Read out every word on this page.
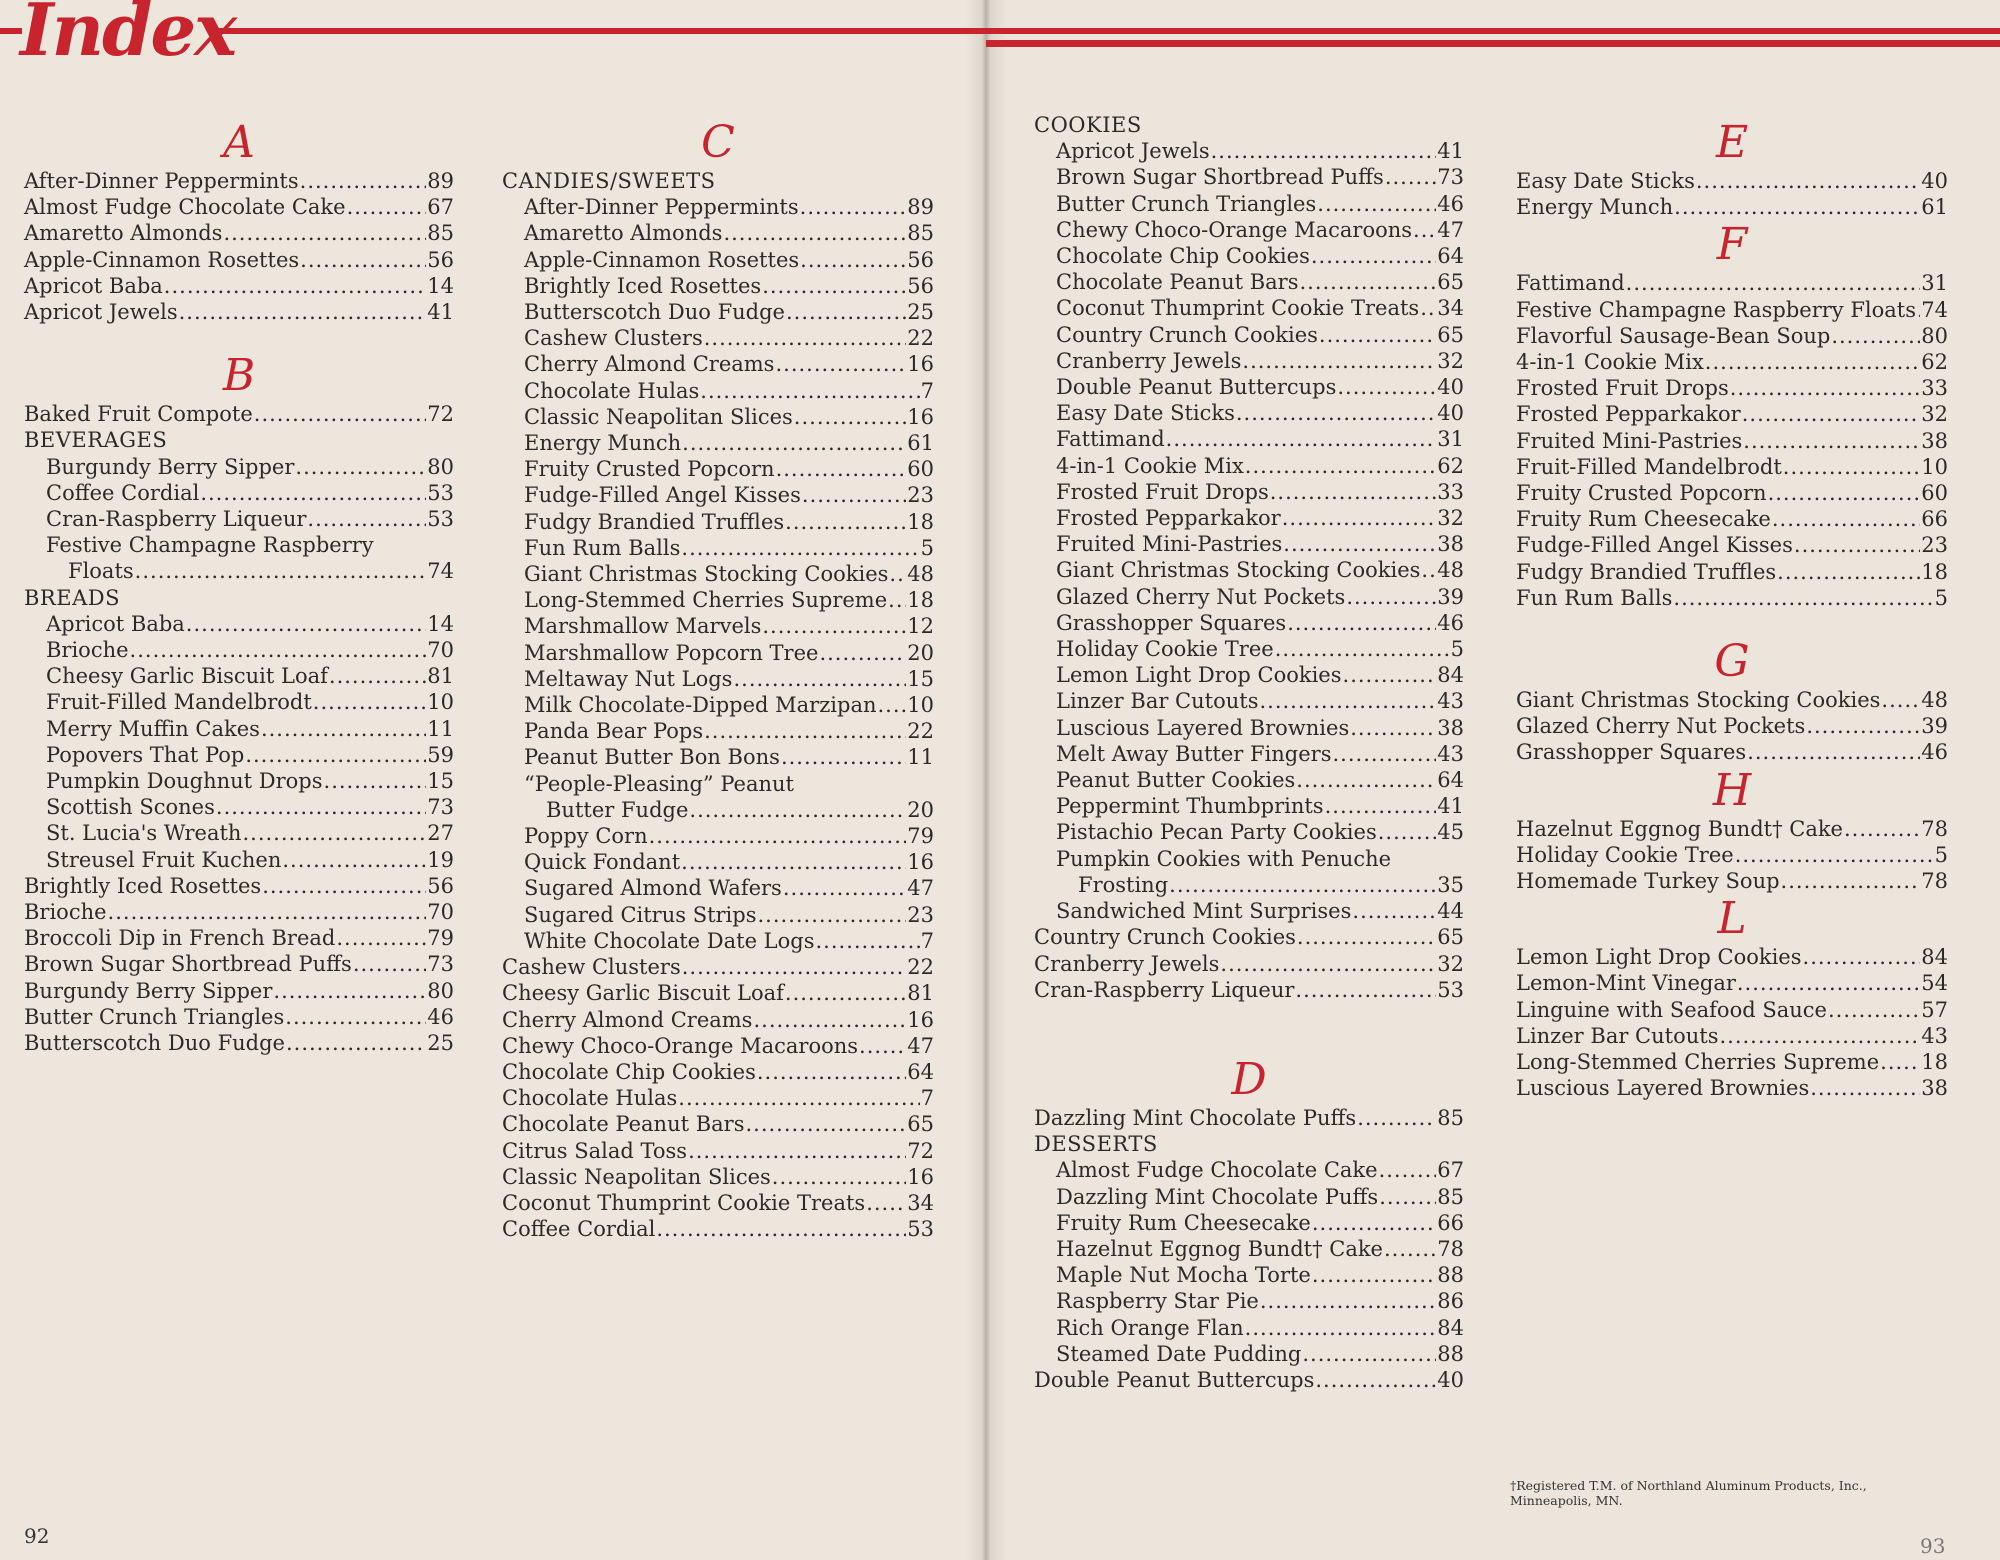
Index
A
After-Dinner Peppermints .....	89
Almost Fudge Chocolate Cake .....	67
Amaretto Almonds .....	85
Apple-Cinnamon Rosettes .....	56
Apricot Baba .....	14
Apricot Jewels .....	41
B
Baked Fruit Compote .....	72
BEVERAGES
Burgundy Berry Sipper .....	80
Coffee Cordial .....	53
Cran-Raspberry Liqueur .....	53
Festive Champagne Raspberry
Floats .....	74
BREADS
Apricot Baba .....	14
Brioche .....	70
Cheesy Garlic Biscuit Loaf .....	81
Fruit-Filled Mandelbrodt .....	10
Merry Muffin Cakes .....	11
Popovers That Pop .....	59
Pumpkin Doughnut Drops .....	15
Scottish Scones .....	73
St. Lucia's Wreath .....	27
Streusel Fruit Kuchen .....	19
Brightly Iced Rosettes .....	56
Brioche .....	70
Broccoli Dip in French Bread .....	79
Brown Sugar Shortbread Puffs .....	73
Burgundy Berry Sipper .....	80
Butter Crunch Triangles .....	46
Butterscotch Duo Fudge .....	25
C
CANDIES/SWEETS
After-Dinner Peppermints .....	89
Amaretto Almonds .....	85
Apple-Cinnamon Rosettes .....	56
Brightly Iced Rosettes .....	56
Butterscotch Duo Fudge .....	25
Cashew Clusters .....	22
Cherry Almond Creams .....	16
Chocolate Hulas .....	7
Classic Neapolitan Slices .....	16
Energy Munch .....	61
Fruity Crusted Popcorn .....	60
Fudge-Filled Angel Kisses .....	23
Fudgy Brandied Truffles .....	18
Fun Rum Balls .....	5
Giant Christmas Stocking Cookies ..... 48
Long-Stemmed Cherries Supreme ..... 18
Marshmallow Marvels .....	12
Marshmallow Popcorn Tree .....	20
Meltaway Nut Logs .....	15
Milk Chocolate-Dipped Marzipan ..... 10
Panda Bear Pops .....	22
Peanut Butter Bon Bons .....	11
“People-Pleasing” Peanut
Butter Fudge .....	20
Poppy Corn .....	79
Quick Fondant .....	16
Sugared Almond Wafers .....	47
Sugared Citrus Strips .....	23
White Chocolate Date Logs .....	7
Cashew Clusters .....	22
Cheesy Garlic Biscuit Loaf .....	81
Cherry Almond Creams .....	16
Chewy Choco-Orange Macaroons ..... 47
Chocolate Chip Cookies .....	64
Chocolate Hulas .....	7
Chocolate Peanut Bars .....	65
Citrus Salad Toss .....	72
Classic Neapolitan Slices .....	16
Coconut Thumprint Cookie Treats ..... 34
Coffee Cordial .....	53
COOKIES
Apricot Jewels .....	41
Brown Sugar Shortbread Puffs .....	73
Butter Crunch Triangles .....	46
Chewy Choco-Orange Macaroons ..... 47
Chocolate Chip Cookies .....	64
Chocolate Peanut Bars .....	65
Coconut Thumprint Cookie Treats ..... 34
Country Crunch Cookies .....	65
Cranberry Jewels .....	32
Double Peanut Buttercups .....	40
Easy Date Sticks .....	40
Fattimand .....	31
4-in-1 Cookie Mix .....	62
Frosted Fruit Drops .....	33
Frosted Pepparkakor .....	32
Fruited Mini-Pastries .....	38
Giant Christmas Stocking Cookies ..... 48
Glazed Cherry Nut Pockets .....	39
Grasshopper Squares .....	46
Holiday Cookie Tree .....	5
Lemon Light Drop Cookies .....	84
Linzer Bar Cutouts .....	43
Luscious Layered Brownies .....	38
Melt Away Butter Fingers .....	43
Peanut Butter Cookies .....	64
Peppermint Thumbprints .....	41
Pistachio Pecan Party Cookies .....	45
Pumpkin Cookies with Penuche
Frosting .....	35
Sandwiched Mint Surprises .....	44
Country Crunch Cookies .....	65
Cranberry Jewels .....	32
Cran-Raspberry Liqueur .....	53
D
Dazzling Mint Chocolate Puffs .....	85
DESSERTS
Almost Fudge Chocolate Cake .....	67
Dazzling Mint Chocolate Puffs .....	85
Fruity Rum Cheesecake .....	66
Hazelnut Eggnog Bundt† Cake .....	78
Maple Nut Mocha Torte .....	88
Raspberry Star Pie .....	86
Rich Orange Flan .....	84
Steamed Date Pudding .....	88
Double Peanut Buttercups .....	40
E
Easy Date Sticks .....	40
Energy Munch .....	61
F
Fattimand .....	31
Festive Champagne Raspberry Floats ..... 74
Flavorful Sausage-Bean Soup .....	80
4-in-1 Cookie Mix .....	62
Frosted Fruit Drops .....	33
Frosted Pepparkakor .....	32
Fruited Mini-Pastries .....	38
Fruit-Filled Mandelbrodt .....	10
Fruity Crusted Popcorn .....	60
Fruity Rum Cheesecake .....	66
Fudge-Filled Angel Kisses .....	23
Fudgy Brandied Truffles .....	18
Fun Rum Balls .....	5
G
Giant Christmas Stocking Cookies ..... 48
Glazed Cherry Nut Pockets .....	39
Grasshopper Squares .....	46
H
Hazelnut Eggnog Bundt† Cake .....	78
Holiday Cookie Tree .....	5
Homemade Turkey Soup .....	78
L
Lemon Light Drop Cookies .....	84
Lemon-Mint Vinegar .....	54
Linguine with Seafood Sauce .....	57
Linzer Bar Cutouts .....	43
Long-Stemmed Cherries Supreme ..... 18
Luscious Layered Brownies .....	38
92	93
†Registered T.M. of Northland Aluminum Products, Inc., Minneapolis, MN.
